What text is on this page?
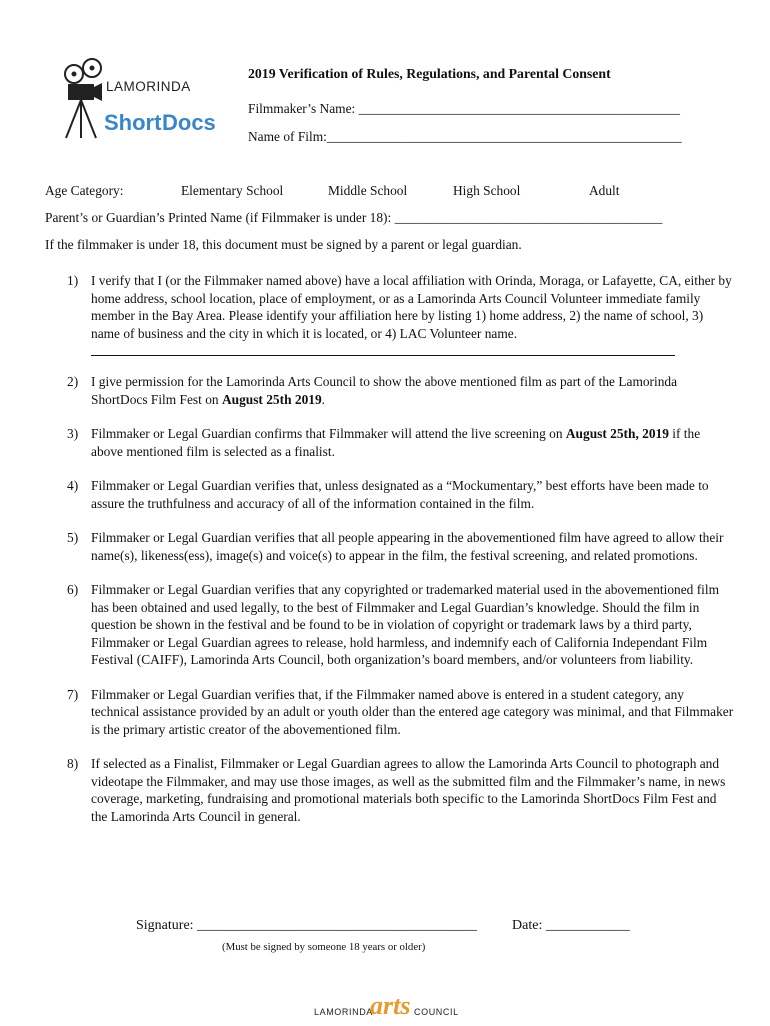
LAMORINDA
Short Docs
2019 Verification of Rules, Regulations, and Parental Consent
Filmmaker’s Name: ________________________________________________
Name of Film:_____________________________________________________
Age Category:	Elementary School	Middle School	High School	Adult
Parent’s or Guardian’s Printed Name (if Filmmaker is under 18): ________________________________________
If the filmmaker is under 18, this document must be signed by a parent or legal guardian.
1) I verify that I (or the Filmmaker named above) have a local affiliation with Orinda, Moraga, or Lafayette, CA, either by home address, school location, place of employment, or as a Lamorinda Arts Council Volunteer immediate family member in the Bay Area. Please identify your affiliation here by listing 1) home address, 2) the name of school, 3) name of business and the city in which it is located, or 4) LAC Volunteer name.
2) I give permission for the Lamorinda Arts Council to show the above mentioned film as part of the Lamorinda ShortDocs Film Fest on August 25th 2019.
3) Filmmaker or Legal Guardian confirms that Filmmaker will attend the live screening on August 25th, 2019 if the above mentioned film is selected as a finalist.
4) Filmmaker or Legal Guardian verifies that, unless designated as a “Mockumentary,” best efforts have been made to assure the truthfulness and accuracy of all of the information contained in the film.
5) Filmmaker or Legal Guardian verifies that all people appearing in the abovementioned film have agreed to allow their name(s), likeness(ess), image(s) and voice(s) to appear in the film, the festival screening, and related promotions.
6) Filmmaker or Legal Guardian verifies that any copyrighted or trademarked material used in the abovementioned film has been obtained and used legally, to the best of Filmmaker and Legal Guardian’s knowledge. Should the film in question be shown in the festival and be found to be in violation of copyright or trademark laws by a third party, Filmmaker or Legal Guardian agrees to release, hold harmless, and indemnify each of California Independant Film Festival (CAIFF), Lamorinda Arts Council, both organization’s board members, and/or volunteers from liability.
7) Filmmaker or Legal Guardian verifies that, if the Filmmaker named above is entered in a student category, any technical assistance provided by an adult or youth older than the entered age category was minimal, and that Filmmaker is the primary artistic creator of the abovementioned film.
8) If selected as a Finalist, Filmmaker or Legal Guardian agrees to allow the Lamorinda Arts Council to photograph and videotape the Filmmaker, and may use those images, as well as the submitted film and the Filmmaker’s name, in news coverage, marketing, fundraising and promotional materials both specific to the Lamorinda ShortDocs Film Fest and the Lamorinda Arts Council in general.
Signature: ________________________________________	Date: ____________
(Must be signed by someone 18 years or older)
LAMORINDA
arts COUNCIL
